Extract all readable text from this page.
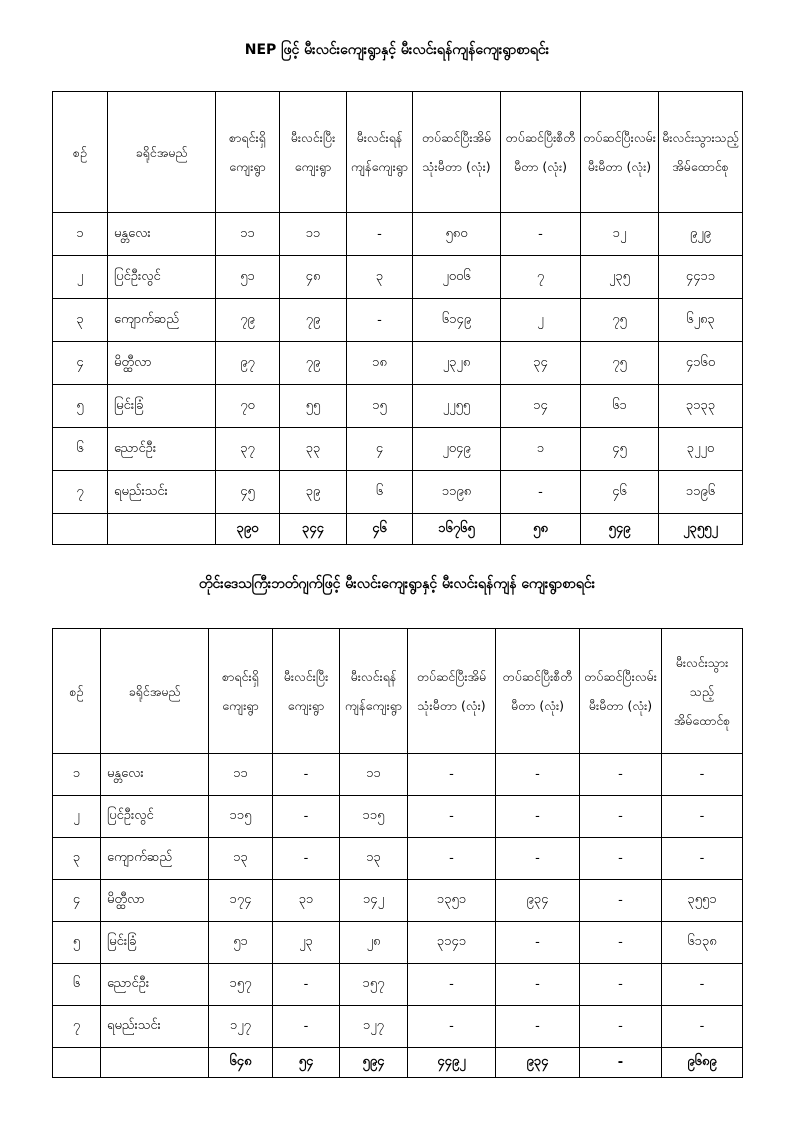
NEP ဖြင့် မီးလင်းကျေးရွာနှင့် မီးလင်းရန်ကျန်ကျေးရွာစာရင်း
စဉ်	ခရိုင်အမည်	စာရင်းရှိကျေးရွာ	မီးလင်းပြီးကျေးရွာ	မီးလင်းရန်ကျန်ကျေးရွာ	တပ်ဆင်ပြီးအိမ်သုံးမီတာ (လုံး)	တပ်ဆင်ပြီးစီတီမီတာ (လုံး)	တပ်ဆင်ပြီးလမ်းမီးမီတာ (လုံး)	မီးလင်းသွားသည့်အိမ်ထောင်စု
၁	မန္တလေး	၁၁	၁၁	-	၅၈၀	-	၁၂	၉၂၉
၂	ပြင်ဦးလွင်	၅၁	၄၈	၃	၂၀၀၆	၇	၂၃၅	၄၄၁၁
၃	ကျောက်ဆည်	၇၉	၇၉	-	၆၁၄၉	၂	၇၅	၆၂၈၃
၄	မိတ္ထီလာ	၉၇	၇၉	၁၈	၂၃၂၈	၃၄	၇၅	၄၁၆၀
၅	မြင်းခြံ	၇၀	၅၅	၁၅	၂၂၅၅	၁၄	၆၁	၃၁၃၃
၆	ညောင်ဦး	၃၇	၃၃	၄	၂၀၄၉	၁	၄၅	၃၂၂၀
၇	ရမည်းသင်း	၄၅	၃၉	၆	၁၁၉၈	-	၄၆	၁၁၉၆
		၃၉၀	၃၄၄	၄၆	၁၆၇၆၅	၅၈	၅၄၉	၂၃၅၅၂
တိုင်းဒေသကြီးဘတ်ဂျက်ဖြင့် မီးလင်းကျေးရွာနှင့် မီးလင်းရန်ကျန် ကျေးရွာစာရင်း
စဉ်	ခရိုင်အမည်	စာရင်းရှိကျေးရွာ	မီးလင်းပြီးကျေးရွာ	မီးလင်းရန်ကျန်ကျေးရွာ	တပ်ဆင်ပြီးအိမ်သုံးမီတာ (လုံး)	တပ်ဆင်ပြီးစီတီမီတာ (လုံး)	တပ်ဆင်ပြီးလမ်းမီးမီတာ (လုံး)	မီးလင်းသွားသည့်အိမ်ထောင်စု
၁	မန္တလေး	၁၁	-	၁၁	-	-	-	-
၂	ပြင်ဦးလွင်	၁၁၅	-	၁၁၅	-	-	-	-
၃	ကျောက်ဆည်	၁၃	-	၁၃	-	-	-	-
၄	မိတ္ထီလာ	၁၇၄	၃၁	၁၄၂	၁၃၅၁	၉၃၄	-	၃၅၅၁
၅	မြင်းခြံ	၅၁	၂၃	၂၈	၃၁၄၁	-	-	၆၁၃၈
၆	ညောင်ဦး	၁၅၇	-	၁၅၇	-	-	-	-
၇	ရမည်းသင်း	၁၂၇	-	၁၂၇	-	-	-	-
		၆၄၈	၅၄	၅၉၄	၄၄၉၂	၉၃၄	-	၉၆၈၉
